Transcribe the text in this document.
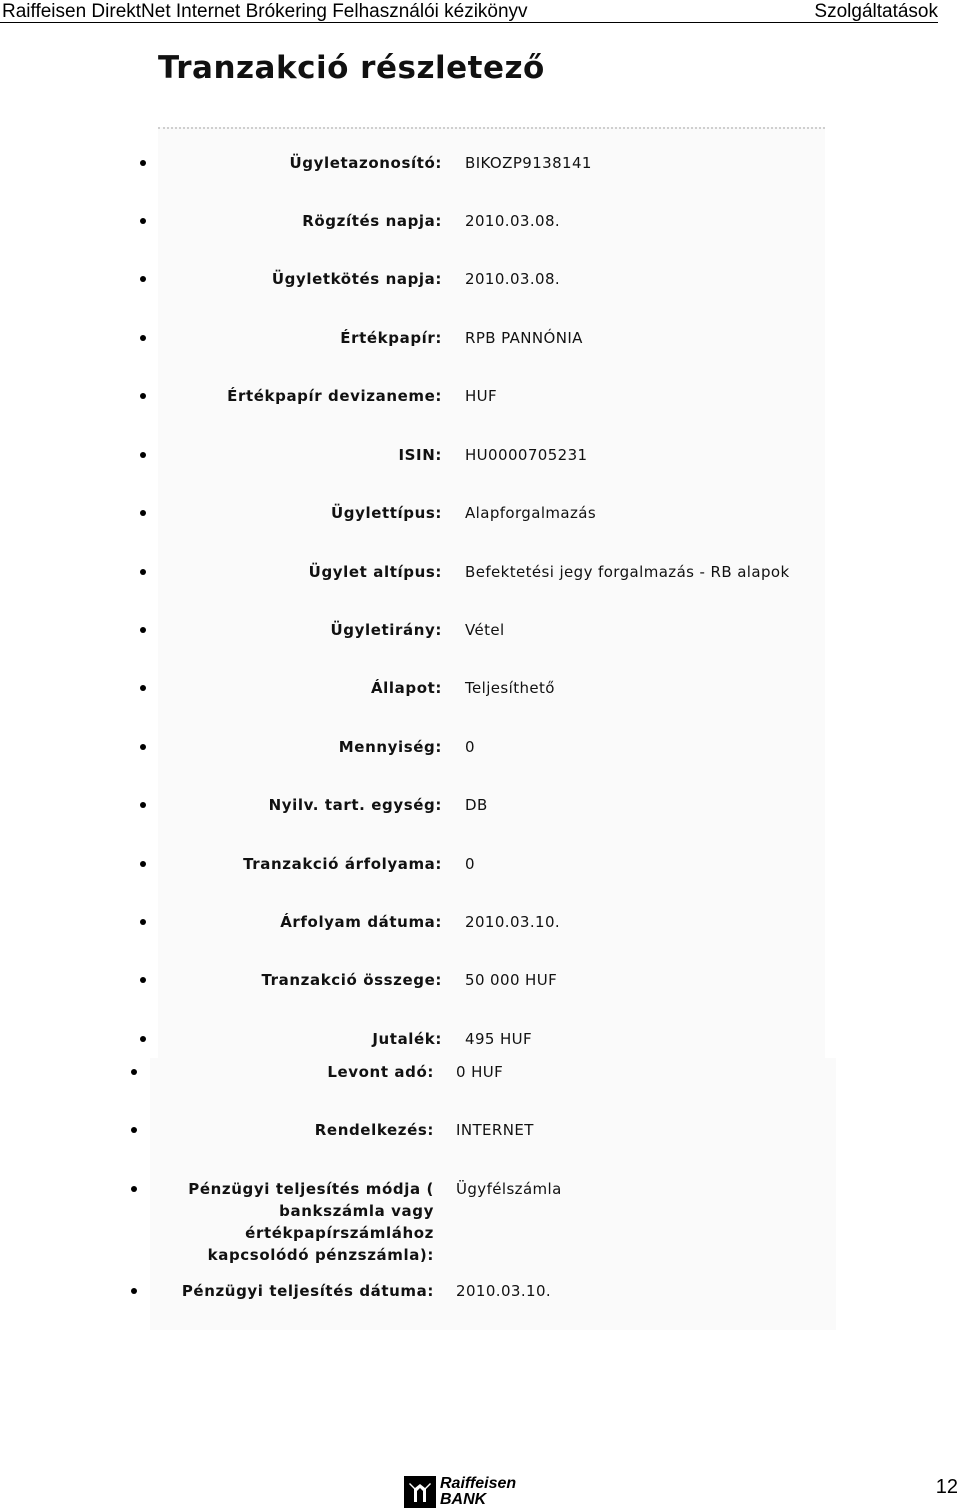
Raiffeisen DirektNet Internet Brókering Felhasználói kézikönyv	Szolgáltatások
Tranzakció részletező
Ügyletazonosító: BIKOZP9138141
Rögzítés napja: 2010.03.08.
Ügyletkötés napja: 2010.03.08.
Értékpapír: RPB PANNÓNIA
Értékpapír devizaneme: HUF
ISIN: HU0000705231
Ügylettípus: Alapforgalmazás
Ügylet altípus: Befektetési jegy forgalmazás - RB alapok
Ügyletirány: Vétel
Állapot: Teljesíthető
Mennyiség: 0
Nyilv. tart. egység: DB
Tranzakció árfolyama: 0
Árfolyam dátuma: 2010.03.10.
Tranzakció összege: 50 000 HUF
Jutalék: 495 HUF
Levont adó: 0 HUF
Rendelkezés: INTERNET
Pénzügyi teljesítés módja (
bankszámla vagy
értékpapírszámlához
kapcsolódó pénzszámla):
Ügyfélszámla
Pénzügyi teljesítés dátuma: 2010.03.10.
Raiffeisen
BANK
12
